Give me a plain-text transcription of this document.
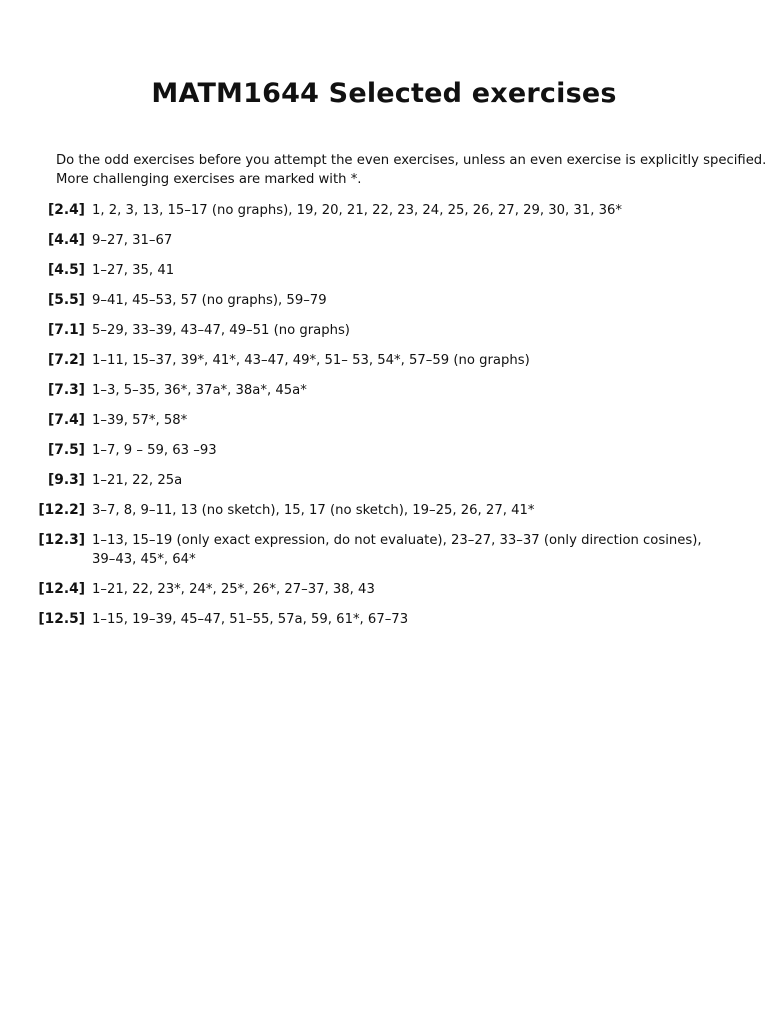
MATM1644 Selected exercises
Do the odd exercises before you attempt the even exercises, unless an even exercise is explicitly specified.
More challenging exercises are marked with *.
[2.4] 1, 2, 3, 13, 15–17 (no graphs), 19, 20, 21, 22, 23, 24, 25, 26, 27, 29, 30, 31, 36*
[4.4] 9–27, 31–67
[4.5] 1–27, 35, 41
[5.5] 9–41, 45–53, 57 (no graphs), 59–79
[7.1] 5–29, 33–39, 43–47, 49–51 (no graphs)
[7.2] 1–11, 15–37, 39*, 41*, 43–47, 49*, 51– 53, 54*, 57–59 (no graphs)
[7.3] 1–3, 5–35, 36*, 37a*, 38a*, 45a*
[7.4] 1–39, 57*, 58*
[7.5] 1–7, 9 – 59, 63 –93
[9.3] 1–21, 22, 25a
[12.2] 3–7, 8, 9–11, 13 (no sketch), 15, 17 (no sketch), 19–25, 26, 27, 41*
[12.3] 1–13, 15–19 (only exact expression, do not evaluate), 23–27, 33–37 (only direction cosines), 39–43, 45*, 64*
[12.4] 1–21, 22, 23*, 24*, 25*, 26*, 27–37, 38, 43
[12.5] 1–15, 19–39, 45–47, 51–55, 57a, 59, 61*, 67–73
